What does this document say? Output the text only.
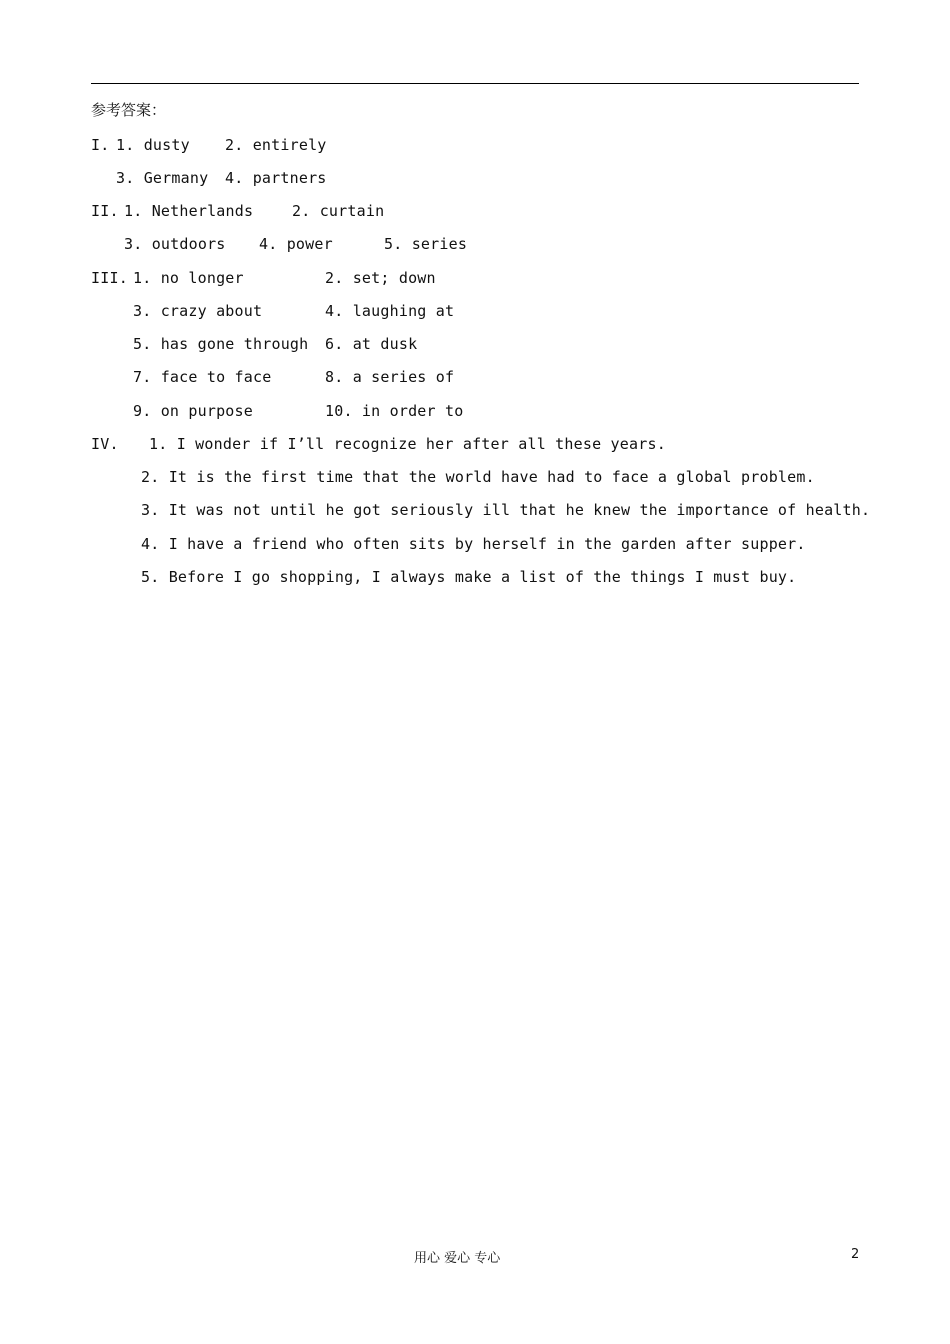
参考答案：
I. 1. dusty 2. entirely
3. Germany 4. partners
II. 1. Netherlands	2. curtain
3. outdoors 4. power	5. series
III. 1. no longer	2. set; down
3. crazy about	4. laughing at
5. has gone through 6. at dusk
7. face to face	8. a series of
9. on purpose	10. in order to
IV. 1. I wonder if I’ll recognize her after all these years.
2. It is the first time that the world have had to face a global problem.
3. It was not until he got seriously ill that he knew the importance of health.
4. I have a friend who often sits by herself in the garden after supper.
5. Before I go shopping, I always make a list of the things I must buy.
用心 爱心 专心	2
